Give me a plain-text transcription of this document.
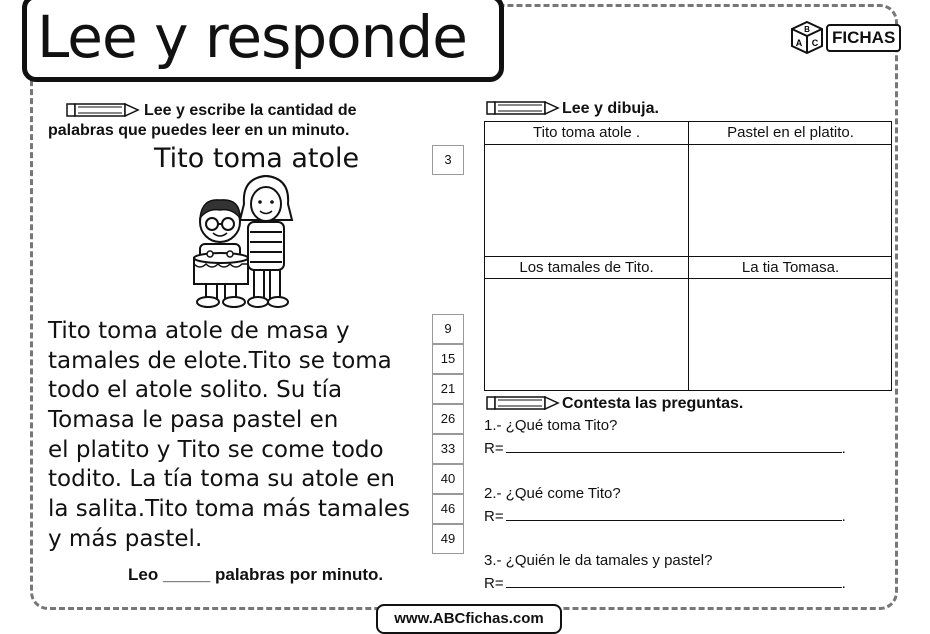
Lee y responde	B
A C FICHAS
Lee y escribe la cantidad de
palabras que puedes leer en un minuto.
Tito toma atole	3
Tito toma atole de masa y
tamales de elote.Tito se toma
todo el atole solito. Su tía
Tomasa le pasa pastel en
el platito y Tito se come todo
todito. La tía toma su atole en
la salita.Tito toma más tamales
y más pastel.
9
15
21
26
33
40
46
49
Leo _____ palabras por minuto.
Lee y dibuja.
Tito toma atole .	Pastel en el platito.
Los tamales de Tito.	La tia Tomasa.
Contesta las preguntas.
1.- ¿Qué toma Tito?
R=	.
2.- ¿Qué come Tito?
R=	.
3.- ¿Quién le da tamales y pastel?
R=	.
www.ABCfichas.com
